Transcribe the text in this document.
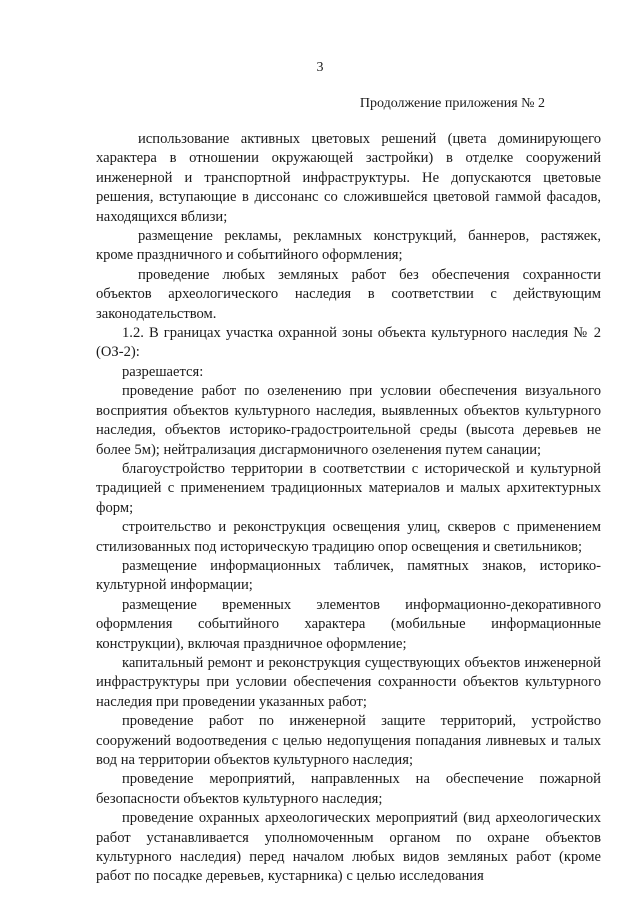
3
Продолжение приложения № 2

использование активных цветовых решений (цвета доминирующего характера в отношении окружающей застройки) в отделке сооружений инженерной и транспортной инфраструктуры. Не допускаются цветовые решения, вступающие в диссонанс со сложившейся цветовой гаммой фасадов, находящихся вблизи;

размещение рекламы, рекламных конструкций, баннеров, растяжек, кроме праздничного и событийного оформления;

проведение любых земляных работ без обеспечения сохранности объектов археологического наследия в соответствии с действующим законодательством.

1.2. В границах участка охранной зоны объекта культурного наследия № 2 (ОЗ-2):

разрешается:

проведение работ по озеленению при условии обеспечения визуального восприятия объектов культурного наследия, выявленных объектов культурного наследия, объектов историко-градостроительной среды (высота деревьев не более 5м); нейтрализация дисгармоничного озеленения путем санации;

благоустройство территории в соответствии с исторической и культурной традицией с применением традиционных материалов и малых архитектурных форм;

строительство и реконструкция освещения улиц, скверов с применением стилизованных под историческую традицию опор освещения и светильников;

размещение информационных табличек, памятных знаков, историко-культурной информации;

размещение временных элементов информационно-декоративного оформления событийного характера (мобильные информационные конструкции), включая праздничное оформление;

капитальный ремонт и реконструкция существующих объектов инженерной инфраструктуры при условии обеспечения сохранности объектов культурного наследия при проведении указанных работ;

проведение работ по инженерной защите территорий, устройство сооружений водоотведения с целью недопущения попадания ливневых и талых вод на территории объектов культурного наследия;

проведение мероприятий, направленных на обеспечение пожарной безопасности объектов культурного наследия;

проведение охранных археологических мероприятий (вид археологических работ устанавливается уполномоченным органом по охране объектов культурного наследия) перед началом любых видов земляных работ (кроме работ по посадке деревьев, кустарника) с целью исследования
